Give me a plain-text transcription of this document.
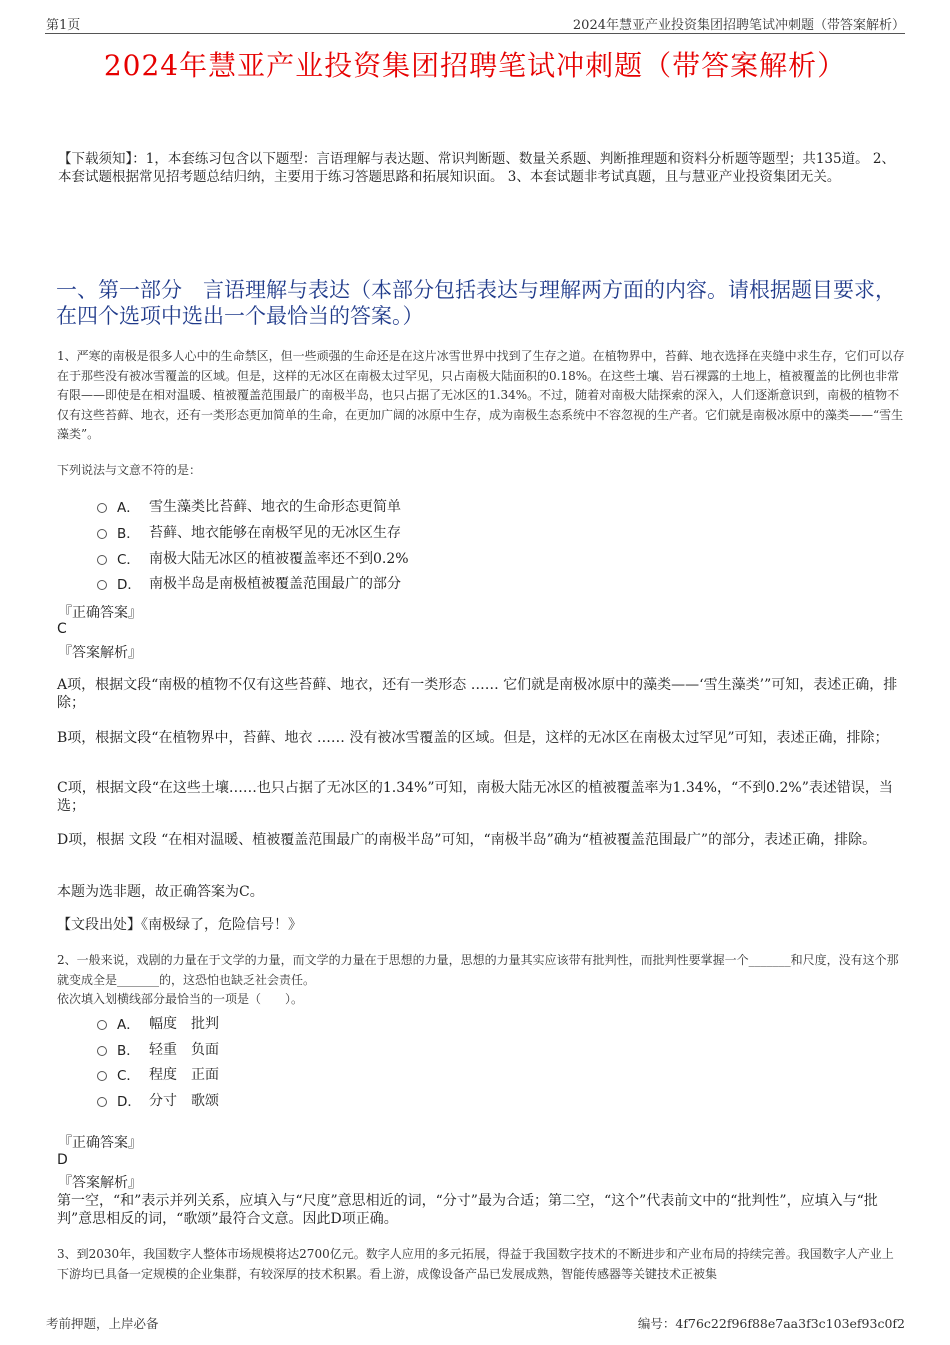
第1页	2024年慧亚产业投资集团招聘笔试冲刺题（带答案解析）
2024年慧亚产业投资集团招聘笔试冲刺题（带答案解析）
【下载须知】：1，本套练习包含以下题型：言语理解与表达题、常识判断题、数量关系题、判断推理题和资料分析题等题型；共135道。 2、本套试题根据常见招考题总结归纳，主要用于练习答题思路和拓展知识面。 3、本套试题非考试真题，且与慧亚产业投资集团无关。
一、第一部分　言语理解与表达（本部分包括表达与理解两方面的内容。请根据题目要求，在四个选项中选出一个最恰当的答案。）
1、严寒的南极是很多人心中的生命禁区，但一些顽强的生命还是在这片冰雪世界中找到了生存之道。在植物界中，苔藓、地衣选择在夹缝中求生存，它们可以存在于那些没有被冰雪覆盖的区域。但是，这样的无冰区在南极太过罕见，只占南极大陆面积的0.18%。在这些土壤、岩石裸露的土地上，植被覆盖的比例也非常有限——即使是在相对温暖、植被覆盖范围最广的南极半岛，也只占据了无冰区的1.34%。不过，随着对南极大陆探索的深入，人们逐渐意识到，南极的植物不仅有这些苔藓、地衣，还有一类形态更加简单的生命，在更加广阔的冰原中生存，成为南极生态系统中不容忽视的生产者。它们就是南极冰原中的藻类——“雪生藻类”。
下列说法与文意不符的是：
A． 雪生藻类比苔藓、地衣的生命形态更简单
B． 苔藓、地衣能够在南极罕见的无冰区生存
C． 南极大陆无冰区的植被覆盖率还不到0.2%
D． 南极半岛是南极植被覆盖范围最广的部分
『正确答案』
C
『答案解析』
A项，根据文段“南极的植物不仅有这些苔藓、地衣，还有一类形态 …… 它们就是南极冰原中的藻类——‘雪生藻类’”可知，表述正确，排除；
B项，根据文段“在植物界中，苔藓、地衣 …… 没有被冰雪覆盖的区域。但是，这样的无冰区在南极太过罕见”可知，表述正确，排除；
C项，根据文段“在这些土壤……也只占据了无冰区的1.34%”可知，南极大陆无冰区的植被覆盖率为1.34%，“不到0.2%”表述错误，当选；
D项，根据 文段 “在相对温暖、植被覆盖范围最广的南极半岛”可知，“南极半岛”确为“植被覆盖范围最广”的部分，表述正确，排除。
本题为选非题，故正确答案为C。
【文段出处】《南极绿了，危险信号！》
2、一般来说，戏剧的力量在于文学的力量，而文学的力量在于思想的力量，思想的力量其实应该带有批判性，而批判性要掌握一个_______和尺度，没有这个那就变成全是_______的，这恐怕也缺乏社会责任。
依次填入划横线部分最恰当的一项是（　　）。
A． 幅度　批判
B． 轻重　负面
C． 程度　正面
D． 分寸　歌颂
『正确答案』
D
『答案解析』
第一空，“和”表示并列关系，应填入与“尺度”意思相近的词，“分寸”最为合适；第二空，“这个”代表前文中的“批判性”，应填入与“批判”意思相反的词，“歌颂”最符合文意。因此D项正确。
3、到2030年，我国数字人整体市场规模将达2700亿元。数字人应用的多元拓展，得益于我国数字技术的不断进步和产业布局的持续完善。我国数字人产业上下游均已具备一定规模的企业集群，有较深厚的技术积累。看上游，成像设备产品已发展成熟，智能传感器等关键技术正被集
考前押题，上岸必备	编号：4f76c22f96f88e7aa3f3c103ef93c0f2
